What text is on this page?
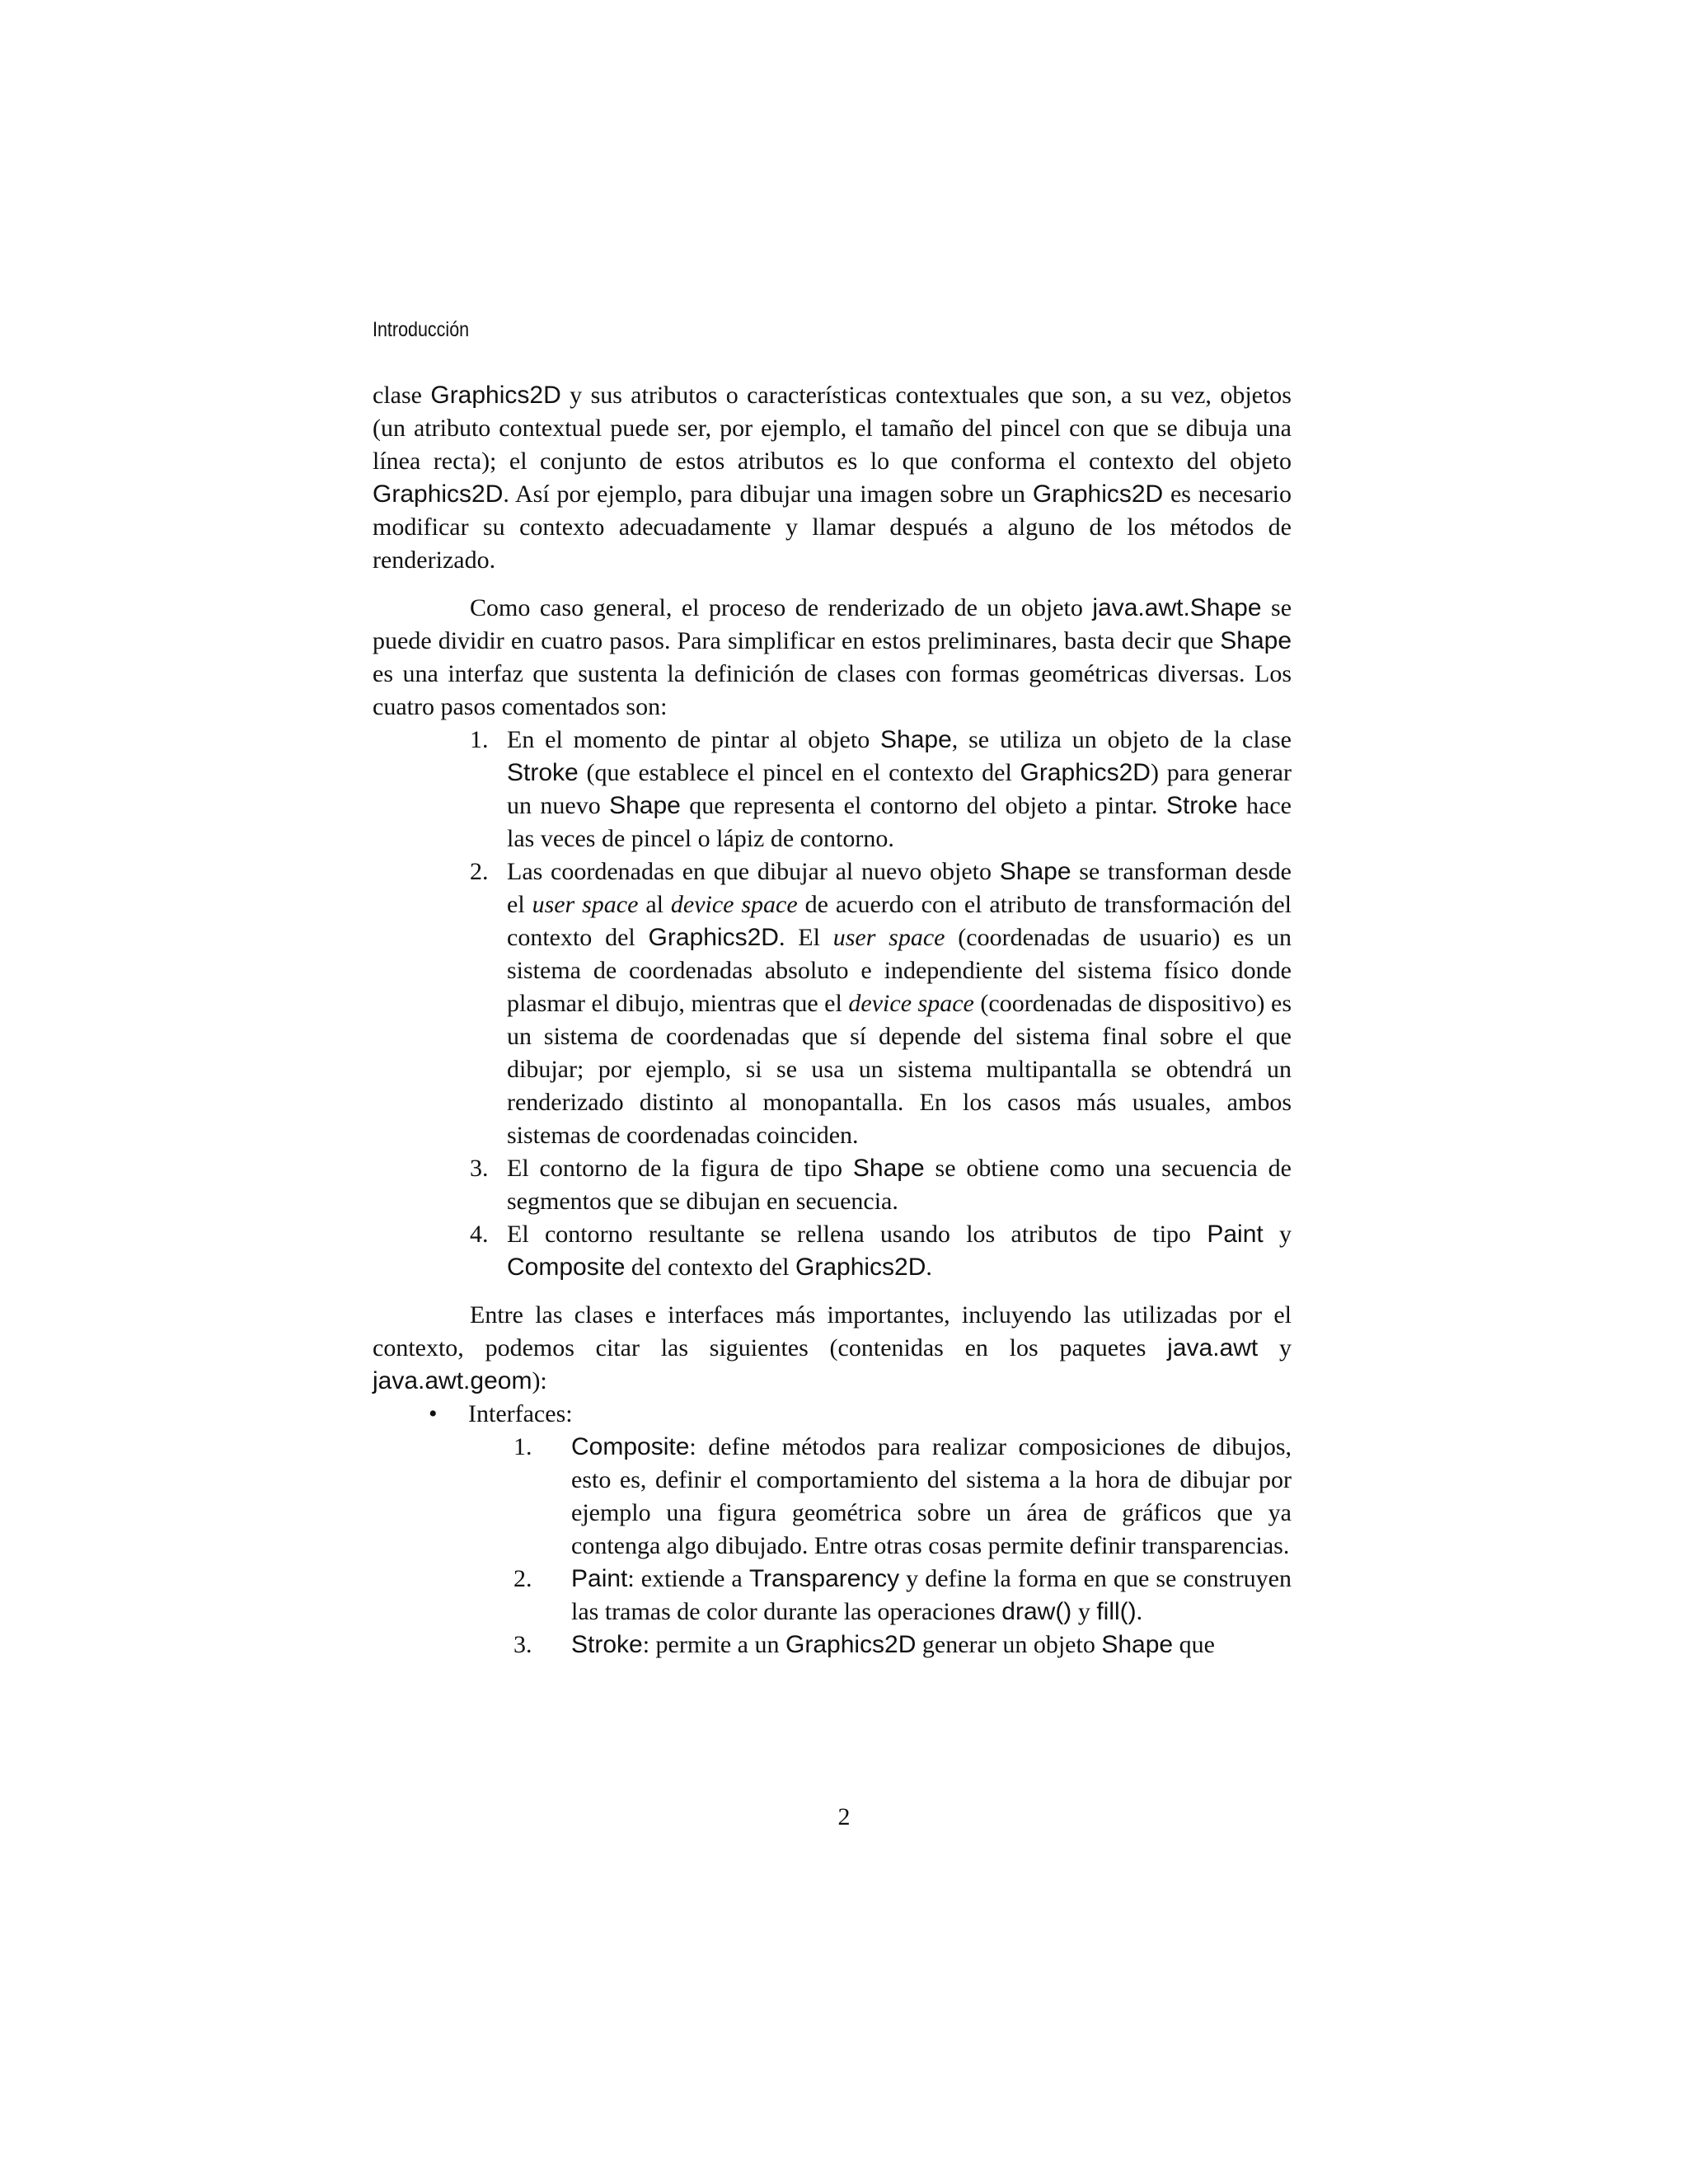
Introducción

clase Graphics2D y sus atributos o características contextuales que son, a su vez, objetos (un atributo contextual puede ser, por ejemplo, el tamaño del pincel con que se dibuja una línea recta); el conjunto de estos atributos es lo que conforma el contexto del objeto Graphics2D. Así por ejemplo, para dibujar una imagen sobre un Graphics2D es necesario modificar su contexto adecuadamente y llamar después a alguno de los métodos de renderizado.

Como caso general, el proceso de renderizado de un objeto java.awt.Shape se puede dividir en cuatro pasos. Para simplificar en estos preliminares, basta decir que Shape es una interfaz que sustenta la definición de clases con formas geométricas diversas. Los cuatro pasos comentados son:

1. En el momento de pintar al objeto Shape, se utiliza un objeto de la clase Stroke (que establece el pincel en el contexto del Graphics2D) para generar un nuevo Shape que representa el contorno del objeto a pintar. Stroke hace las veces de pincel o lápiz de contorno.
2. Las coordenadas en que dibujar al nuevo objeto Shape se transforman desde el user space al device space de acuerdo con el atributo de transformación del contexto del Graphics2D. El user space (coordenadas de usuario) es un sistema de coordenadas absoluto e independiente del sistema físico donde plasmar el dibujo, mientras que el device space (coordenadas de dispositivo) es un sistema de coordenadas que sí depende del sistema final sobre el que dibujar; por ejemplo, si se usa un sistema multipantalla se obtendrá un renderizado distinto al monopantalla. En los casos más usuales, ambos sistemas de coordenadas coinciden.
3. El contorno de la figura de tipo Shape se obtiene como una secuencia de segmentos que se dibujan en secuencia.
4. El contorno resultante se rellena usando los atributos de tipo Paint y Composite del contexto del Graphics2D.

Entre las clases e interfaces más importantes, incluyendo las utilizadas por el contexto, podemos citar las siguientes (contenidas en los paquetes java.awt y java.awt.geom):

• Interfaces:
1. Composite: define métodos para realizar composiciones de dibujos, esto es, definir el comportamiento del sistema a la hora de dibujar por ejemplo una figura geométrica sobre un área de gráficos que ya contenga algo dibujado. Entre otras cosas permite definir transparencias.
2. Paint: extiende a Transparency y define la forma en que se construyen las tramas de color durante las operaciones draw() y fill().
3. Stroke: permite a un Graphics2D generar un objeto Shape que
2
